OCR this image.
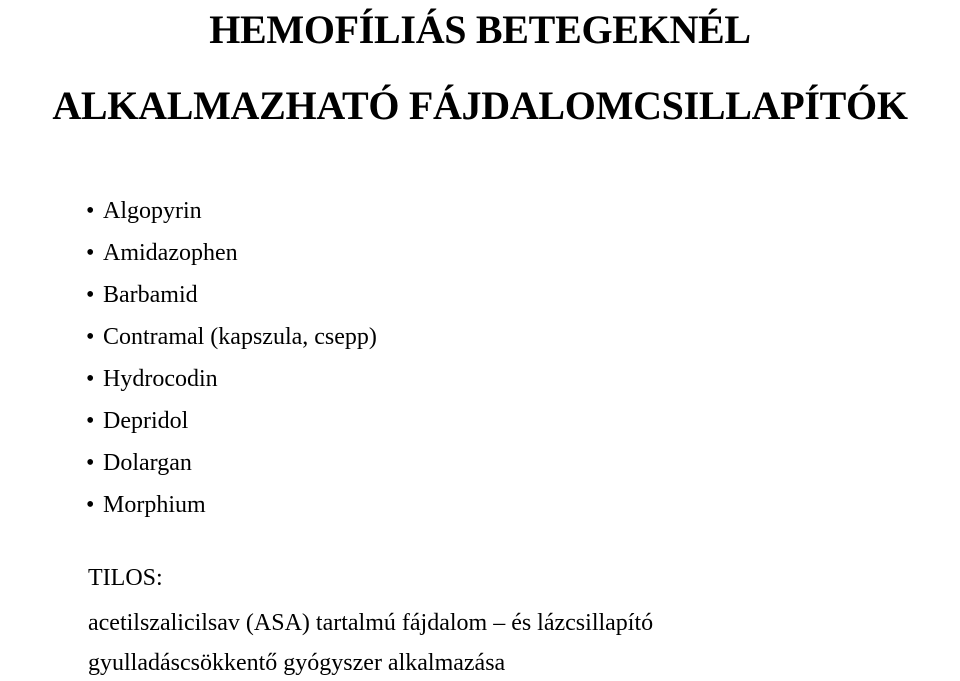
HEMOFÍLIÁS BETEGEKNÉL
ALKALMAZHATÓ FÁJDALOMCSILLAPÍTÓK
• Algopyrin
• Amidazophen
• Barbamid
• Contramal (kapszula, csepp)
• Hydrocodin
• Depridol
• Dolargan
• Morphium
TILOS:
acetilszalicilsav (ASA) tartalmú fájdalom – és lázcsillapító
gyulladáscsökkentő gyógyszer alkalmazása
